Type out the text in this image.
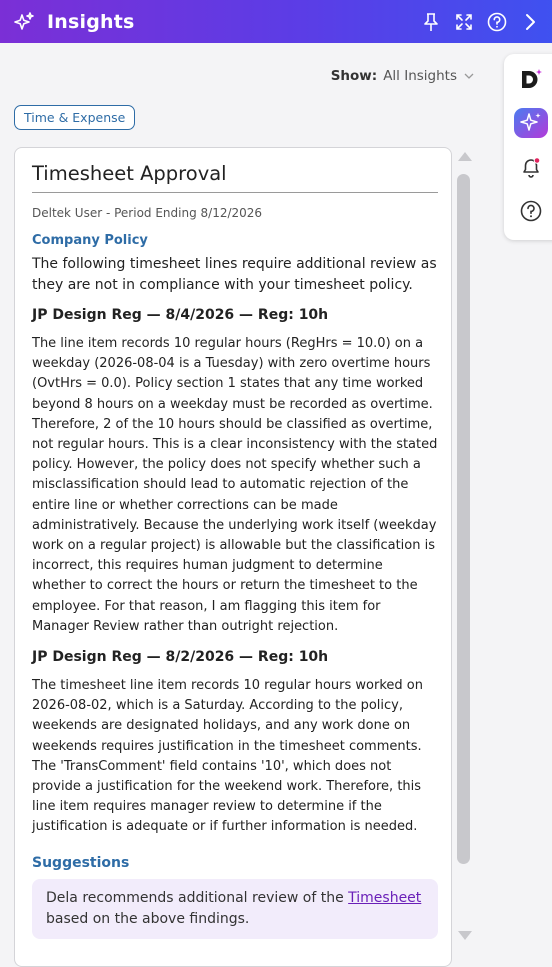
Insights
Show: All Insights
Time & Expense
Timesheet Approval
Deltek User - Period Ending 8/12/2026
Company Policy
The following timesheet lines require additional review as they are not in compliance with your timesheet policy.
JP Design Reg — 8/4/2026 — Reg: 10h
The line item records 10 regular hours (RegHrs = 10.0) on a weekday (2026-08-04 is a Tuesday) with zero overtime hours (OvtHrs = 0.0). Policy section 1 states that any time worked beyond 8 hours on a weekday must be recorded as overtime. Therefore, 2 of the 10 hours should be classified as overtime, not regular hours. This is a clear inconsistency with the stated policy. However, the policy does not specify whether such a misclassification should lead to automatic rejection of the entire line or whether corrections can be made administratively. Because the underlying work itself (weekday work on a regular project) is allowable but the classification is incorrect, this requires human judgment to determine whether to correct the hours or return the timesheet to the employee. For that reason, I am flagging this item for Manager Review rather than outright rejection.
JP Design Reg — 8/2/2026 — Reg: 10h
The timesheet line item records 10 regular hours worked on 2026-08-02, which is a Saturday. According to the policy, weekends are designated holidays, and any work done on weekends requires justification in the timesheet comments. The 'TransComment' field contains '10', which does not provide a justification for the weekend work. Therefore, this line item requires manager review to determine if the justification is adequate or if further information is needed.
Suggestions
Dela recommends additional review of the Timesheet based on the above findings.
